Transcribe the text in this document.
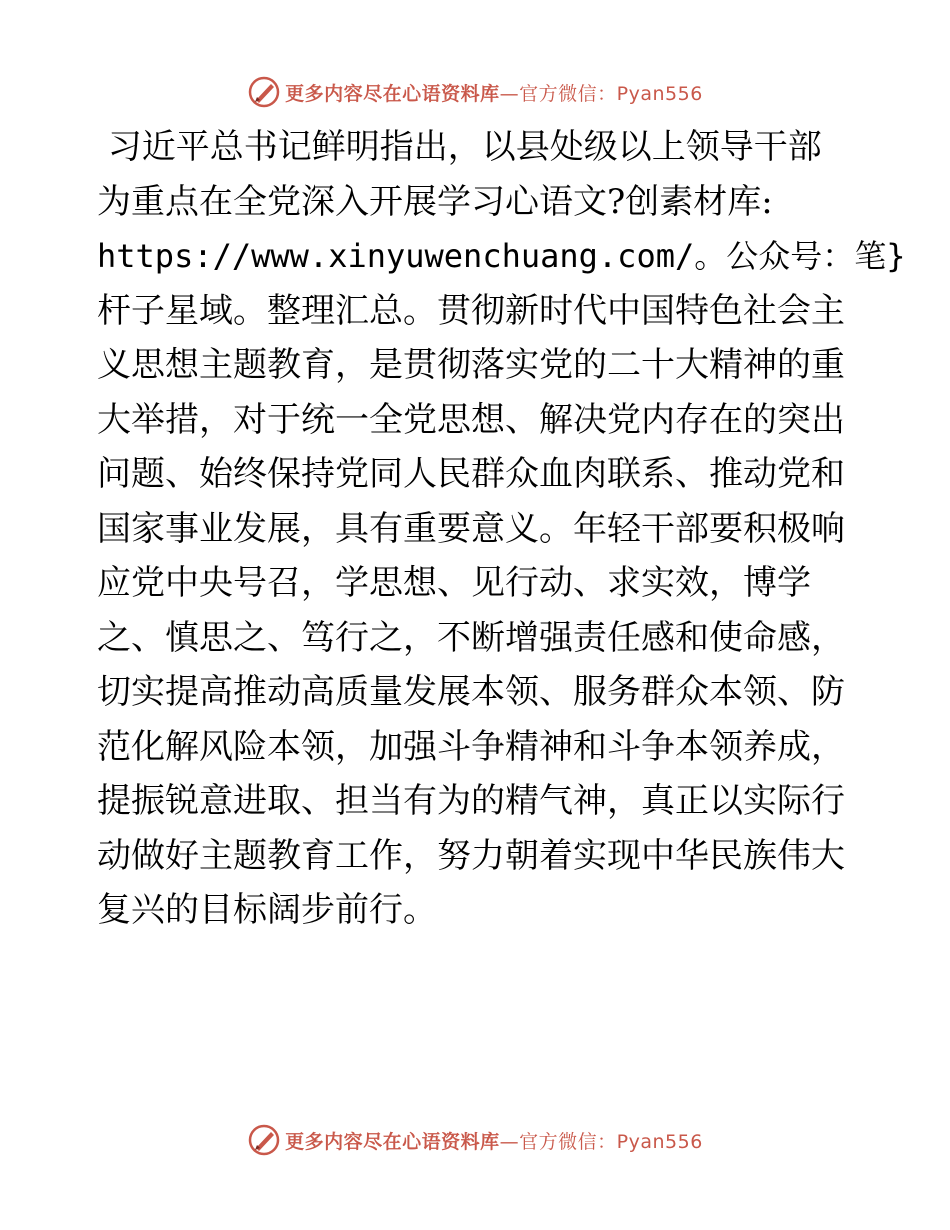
更多内容尽在心语资料库—官方微信：Pyan556
习近平总书记鲜明指出，以县处级以上领导干部
为重点在全党深入开展学习心语文?创素材库:
https://www.xinyuwenchuang.com/。公众号：笔}
杆子星域。整理汇总。贯彻新时代中国特色社会主
义思想主题教育，是贯彻落实党的二十大精神的重
大举措，对于统一全党思想、解决党内存在的突出
问题、始终保持党同人民群众血肉联系、推动党和
国家事业发展，具有重要意义。年轻干部要积极响
应党中央号召，学思想、见行动、求实效，博学
之、慎思之、笃行之，不断增强责任感和使命感，
切实提高推动高质量发展本领、服务群众本领、防
范化解风险本领，加强斗争精神和斗争本领养成，
提振锐意进取、担当有为的精气神，真正以实际行
动做好主题教育工作，努力朝着实现中华民族伟大
复兴的目标阔步前行。
更多内容尽在心语资料库—官方微信：Pyan556
